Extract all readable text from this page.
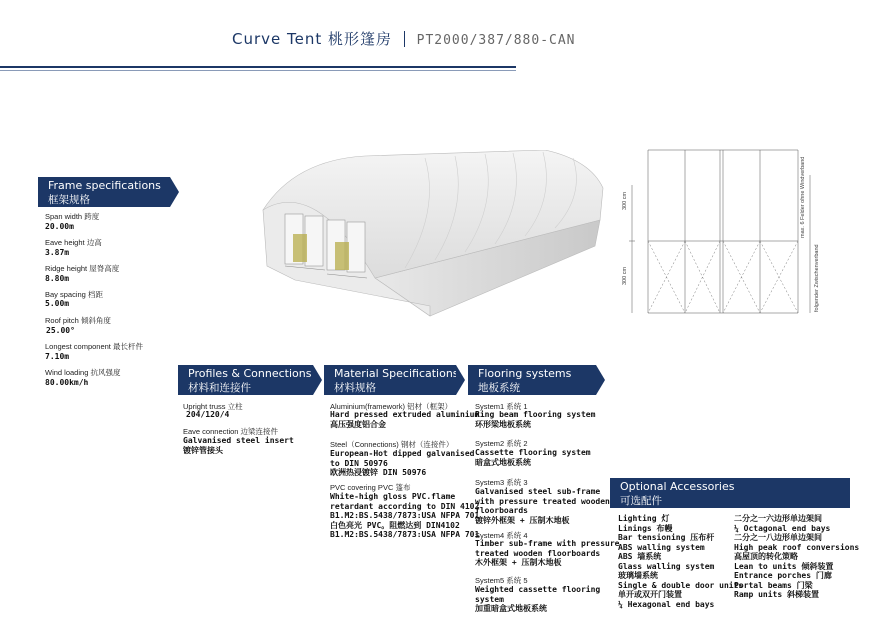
Curve Tent 桃形篷房 PT2000/387/880-CAN
300 cm
300 cm
max. 6 Felder ohne Windverband
folgender Zwischenverband
Frame specifications
框架规格
Span width 跨度
20.00m
Eave height 边高
3.87m
Ridge height 屋脊高度
8.80m
Bay spacing 档距
5.00m
Roof pitch 倾斜角度
25.00°
Longest component 最长杆件
7.10m
Wind loading 抗风强度
80.00km/h
Profiles & Connections
材料和连接件
Upright truss 立柱
204/120/4
Eave connection 边梁连接件
Galvanised steel insert
镀锌管接头
Material Specifications
材料规格
Aluminium(framework) 铝材（框架）
Hard pressed extruded aluminium
高压强度铝合金
Steel（Connections) 钢材（连接件）
European-Hot dipped galvanised
to DIN 50976
欧洲热浸镀锌 DIN 50976
PVC covering PVC 篷布
White-high gloss PVC.flame
retardant according to DIN 4102
B1.M2:BS.5438/7873:USA NFPA 701
白色亮光 PVC。阻燃达到 DIN4102
B1.M2:BS.5438/7873:USA NFPA 701
Flooring systems
地板系统
System1 系统 1
Ring beam flooring system
环形梁地板系统
System2 系统 2
Cassette flooring system
暗盒式地板系统
System3 系统 3
Galvanised steel sub-frame
with pressure treated wooden
floorboards
镀锌外框架 + 压制木地板
System4 系统 4
Timber sub-frame with pressure
treated wooden floorboards
木外框架 + 压制木地板
System5 系统 5
Weighted cassette flooring
system
加重暗盒式地板系统
Optional Accessories
可选配件
Lighting 灯
Linings 布幔
Bar tensioning 压布杆
ABS walling system
ABS 墙系统
Glass walling system
玻璃墙系统
Single & double door units
单开或双开门装置
¼ Hexagonal end bays
二分之一六边形单边架间
¼ Octagonal end bays
二分之一八边形单边架间
High peak roof conversions
高屋顶的转化策略
Lean to units 倾斜装置
Entrance porches 门廊
Portal beams 门梁
Ramp units 斜梯装置
